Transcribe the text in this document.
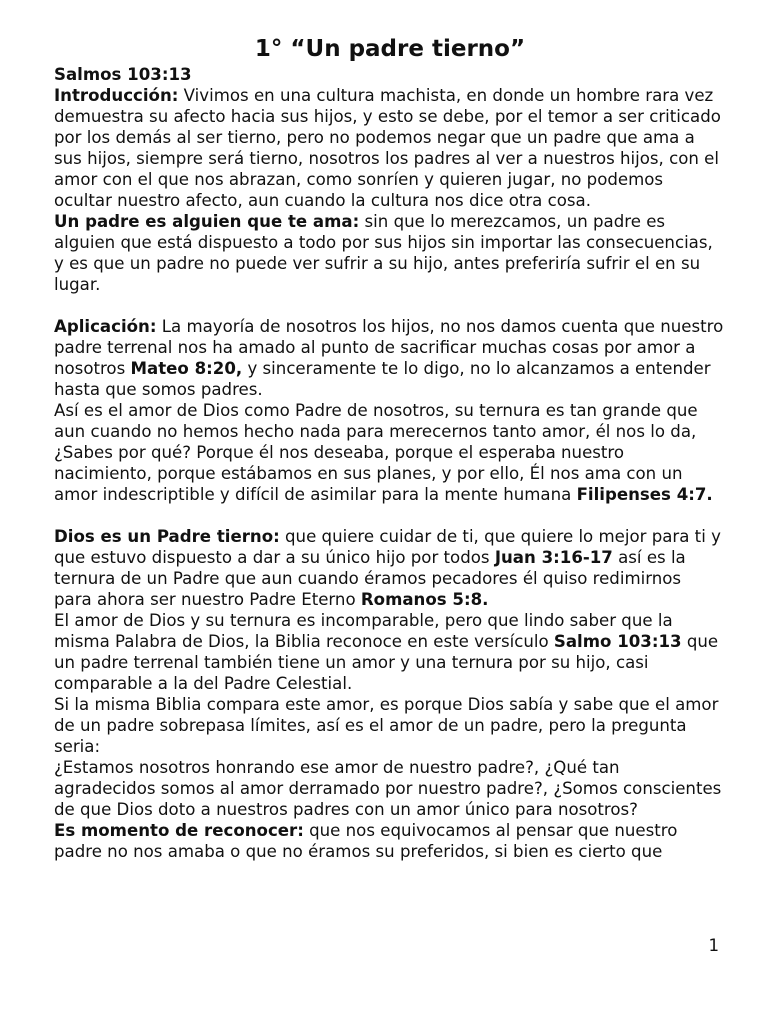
1° “Un padre tierno”
Salmos 103:13

Introducción: Vivimos en una cultura machista, en donde un hombre rara vez demuestra su afecto hacia sus hijos, y esto se debe, por el temor a ser criticado por los demás al ser tierno, pero no podemos negar que un padre que ama a sus hijos, siempre será tierno, nosotros los padres al ver a nuestros hijos, con el amor con el que nos abrazan, como sonríen y quieren jugar, no podemos ocultar nuestro afecto, aun cuando la cultura nos dice otra cosa.

Un padre es alguien que te ama: sin que lo merezcamos, un padre es alguien que está dispuesto a todo por sus hijos sin importar las consecuencias, y es que un padre no puede ver sufrir a su hijo, antes preferiría sufrir el en su lugar.

Aplicación: La mayoría de nosotros los hijos, no nos damos cuenta que nuestro padre terrenal nos ha amado al punto de sacrificar muchas cosas por amor a nosotros Mateo 8:20, y sinceramente te lo digo, no lo alcanzamos a entender hasta que somos padres.

Así es el amor de Dios como Padre de nosotros, su ternura es tan grande que aun cuando no hemos hecho nada para merecernos tanto amor, él nos lo da, ¿Sabes por qué? Porque él nos deseaba, porque el esperaba nuestro nacimiento, porque estábamos en sus planes, y por ello, Él nos ama con un amor indescriptible y difícil de asimilar para la mente humana Filipenses 4:7.

Dios es un Padre tierno: que quiere cuidar de ti, que quiere lo mejor para ti y que estuvo dispuesto a dar a su único hijo por todos Juan 3:16-17 así es la ternura de un Padre que aun cuando éramos pecadores él quiso redimirnos para ahora ser nuestro Padre Eterno Romanos 5:8.

El amor de Dios y su ternura es incomparable, pero que lindo saber que la misma Palabra de Dios, la Biblia reconoce en este versículo Salmo 103:13 que un padre terrenal también tiene un amor y una ternura por su hijo, casi comparable a la del Padre Celestial.

Si la misma Biblia compara este amor, es porque Dios sabía y sabe que el amor de un padre sobrepasa límites, así es el amor de un padre, pero la pregunta seria:

¿Estamos nosotros honrando ese amor de nuestro padre?, ¿Qué tan agradecidos somos al amor derramado por nuestro padre?, ¿Somos conscientes de que Dios doto a nuestros padres con un amor único para nosotros?

Es momento de reconocer: que nos equivocamos al pensar que nuestro padre no nos amaba o que no éramos su preferidos, si bien es cierto que

1
